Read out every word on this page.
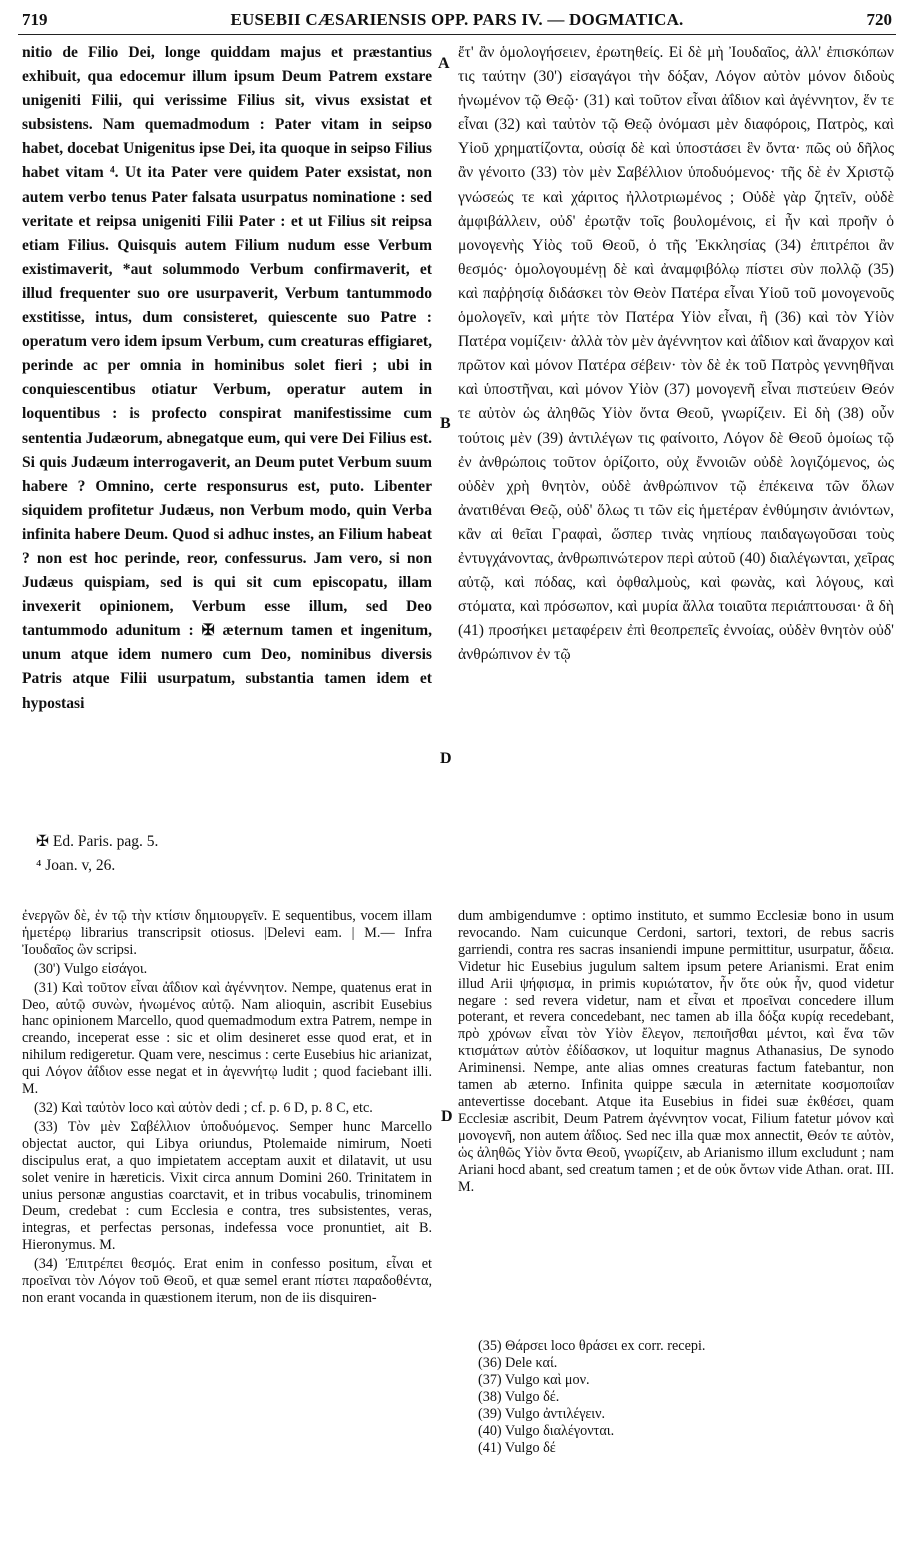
719	EUSEBII CÆSARIENSIS OPP. PARS IV. — DOGMATICA.	720

nitio de Filio Dei, longe quiddam majus et præstantius exhibuit, qua edocemur illum ipsum Deum Patrem exstare unigeniti Filii, qui verissime Filius sit, vivus exsistat et subsistens. Nam quemadmodum : Pater vitam in seipso habet, docebat Unigenitus ipse Dei, ita quoque in seipso Filius habet vitam ⁴. Ut ita Pater vere quidem Pater exsistat, non autem verbo tenus Pater falsata usurpatus nominatione : sed veritate et reipsa unigeniti Filii Pater : et ut Filius sit reipsa etiam Filius. Quisquis autem Filium nudum esse Verbum existimaverit, *aut solummodo Verbum confirmaverit, et illud frequenter suo ore usurpaverit, Verbum tantummodo exstitisse, intus, dum consisteret, quiescente suo Patre : operatum vero idem ipsum Verbum, cum creaturas effigiaret, perinde ac per omnia in hominibus solet fieri ; ubi in conquiescentibus otiatur Verbum, operatur autem in loquentibus : is profecto conspirat manifestissime cum sententia Judæorum, abnegatque eum, qui vere Dei Filius est. Si quis Judæum interrogaverit, an Deum putet Verbum suum habere ? Omnino, certe responsurus est, puto. Libenter siquidem profitetur Judæus, non Verbum modo, quin Verba infinita habere Deum. Quod si adhuc instes, an Filium habeat ? non est hoc perinde, reor, confessurus. Jam vero, si non Judæus quispiam, sed is qui sit cum episcopatu, illam invexerit opinionem, Verbum esse illum, sed Deo tantummodo adunitum : ✠ æternum tamen et ingenitum, unum atque idem numero cum Deo, nominibus diversis Patris atque Filii usurpatum, substantia tamen idem et hypostasi

A
B
D
D

ἔτ' ἂν ὁμολογήσειεν, ἐρωτηθείς. Εἰ δὲ μὴ Ἰουδαῖος, ἀλλ' ἐπισκόπων τις ταύτην (30') εἰσαγάγοι τὴν δόξαν, Λόγον αὐτὸν μόνον διδοὺς ἡνωμένον τῷ Θεῷ· (31) καὶ τοῦτον εἶναι ἀΐδιον καὶ ἀγέννητον, ἕν τε εἶναι (32) καὶ ταὐτὸν τῷ Θεῷ ὀνόμασι μὲν διαφόροις, Πατρὸς, καὶ Υἱοῦ χρηματίζοντα, οὐσίᾳ δὲ καὶ ὑποστάσει ἓν ὄντα· πῶς οὐ δῆλος ἂν γένοιτο (33) τὸν μὲν Σαβέλλιον ὑποδυόμενος· τῆς δὲ ἐν Χριστῷ γνώσεώς τε καὶ χάριτος ἠλλοτριωμένος ; Οὐδὲ γὰρ ζητεῖν, οὐδὲ ἀμφιβάλλειν, οὐδ' ἐρωτᾷν τοῖς βουλομένοις, εἰ ἦν καὶ προῆν ὁ μονογενὴς Υἱὸς τοῦ Θεοῦ, ὁ τῆς Ἐκκλησίας (34) ἐπιτρέποι ἂν θεσμός· ὁμολογουμένῃ δὲ καὶ ἀναμφιβόλῳ πίστει σὺν πολλῷ (35) καὶ παῤῥησίᾳ διδάσκει τὸν Θεὸν Πατέρα εἶναι Υἱοῦ τοῦ μονογενοῦς ὁμολογεῖν, καὶ μήτε τὸν Πατέρα Υἱὸν εἶναι, ἢ (36) καὶ τὸν Υἱὸν Πατέρα νομίζειν· ἀλλὰ τὸν μὲν ἀγέννητον καὶ ἀΐδιον καὶ ἄναρχον καὶ πρῶτον καὶ μόνον Πατέρα σέβειν· τὸν δὲ ἐκ τοῦ Πατρὸς γεννηθῆναι καὶ ὑποστῆναι, καὶ μόνον Υἱὸν (37) μονογενῆ εἶναι πιστεύειν Θεόν τε αὐτὸν ὡς ἀληθῶς Υἱὸν ὄντα Θεοῦ, γνωρίζειν. Εἰ δὴ (38) οὖν τούτοις μὲν (39) ἀντιλέγων τις φαίνοιτο, Λόγον δὲ Θεοῦ ὁμοίως τῷ ἐν ἀνθρώποις τοῦτον ὁρίζοιτο, οὐχ ἔννοιῶν οὐδὲ λογιζόμενος, ὡς οὐδὲν χρὴ θνητὸν, οὐδὲ ἀνθρώπινον τῷ ἐπέκεινα τῶν ὅλων ἀνατιθέναι Θεῷ, οὐδ' ὅλως τι τῶν εἰς ἡμετέραν ἐνθύμησιν ἀνιόντων, κἂν αἱ θεῖαι Γραφαὶ, ὥσπερ τινὰς νηπίους παιδαγωγοῦσαι τοὺς ἐντυγχάνοντας, ἀνθρωπινώτερον περὶ αὐτοῦ (40) διαλέγωνται, χεῖρας αὐτῷ, καὶ πόδας, καὶ ὀφθαλμοὺς, καὶ φωνὰς, καὶ λόγους, καὶ στόματα, καὶ πρόσωπον, καὶ μυρία ἄλλα τοιαῦτα περιάπτουσαι· ἃ δὴ (41) προσήκει μεταφέρειν ἐπὶ θεοπρεπεῖς ἐννοίας, οὐδὲν θνητὸν οὐδ' ἀνθρώπινον ἐν τῷ

✠ Ed. Paris. pag. 5.
⁴ Joan. v, 26.

ἐνεργῶν δὲ, ἐν τῷ τὴν κτίσιν δημιουργεῖν. E sequentibus, vocem illam ἡμετέρῳ librarius transcripsit otiosus. |Delevi eam. | M.— Infra Ἰουδαῖος ὢν scripsi.

(30') Vulgo εἰσάγοι.

(31) Καὶ τοῦτον εἶναι ἀΐδιον καὶ ἀγέννητον. Nempe, quatenus erat in Deo, αὐτῷ συνὼν, ἡνωμένος αὐτῷ. Nam alioquin, ascribit Eusebius hanc opinionem Marcello, quod quemadmodum extra Patrem, nempe in creando, inceperat esse : sic et olim desineret esse quod erat, et in nihilum redigeretur. Quam vere, nescimus : certe Eusebius hic arianizat, qui Λόγον ἀΐδιον esse negat et in ἀγεννήτῳ ludit ; quod faciebant illi. M.

(32) Καὶ ταὐτὸν loco καὶ αὐτὸν dedi ; cf. p. 6 D, p. 8 C, etc.

(33) Τὸν μὲν Σαβέλλιον ὑποδυόμενος. Semper hunc Marcello objectat auctor, qui Libya oriundus, Ptolemaide nimirum, Noeti discipulus erat, a quo impietatem acceptam auxit et dilatavit, ut usu solet venire in hæreticis. Vixit circa annum Domini 260. Trinitatem in unius personæ angustias coarctavit, et in tribus vocabulis, trinominem Deum, credebat : cum Ecclesia e contra, tres subsistentes, veras, integras, et perfectas personas, indefessa voce pronuntiet, ait B. Hieronymus. M.

(34) Ἐπιτρέπει θεσμός. Erat enim in confesso positum, εἶναι et προεῖναι τὸν Λόγον τοῦ Θεοῦ, et quæ semel erant πίστει παραδοθέντα, non erant vocanda in quæstionem iterum, non de iis disquiren-

dum ambigendumve : optimo instituto, et summo Ecclesiæ bono in usum revocando. Nam cuicunque Cerdoni, sartori, textori, de rebus sacris garriendi, contra res sacras insaniendi impune permittitur, usurpatur, ἄδεια. Videtur hic Eusebius jugulum saltem ipsum petere Arianismi. Erat enim illud Arii ψήφισμα, in primis κυριώτατον, ἦν ὅτε οὐκ ἦν, quod videtur negare : sed revera videtur, nam et εἶναι et προεῖναι concedere illum poterant, et revera concedebant, nec tamen ab illa δόξα κυρίᾳ recedebant, πρὸ χρόνων εἶναι τὸν Υἱὸν ἔλεγον, πεποιῆσθαι μέντοι, καὶ ἕνα τῶν κτισμάτων αὐτὸν ἐδίδασκον, ut loquitur magnus Athanasius, De synodo Ariminensi. Nempe, ante alias omnes creaturas factum fatebantur, non tamen ab æterno. Infinita quippe sæcula in æternitate κοσμοποιΐαν antevertisse docebant. Atque ita Eusebius in fidei suæ ἐκθέσει, quam Ecclesiæ ascribit, Deum Patrem ἀγέννητον vocat, Filium fatetur μόνον καὶ μονογενῆ, non autem ἀΐδιος. Sed nec illa quæ mox annectit, Θεόν τε αὐτὸν, ὡς ἀληθῶς Υἱὸν ὄντα Θεοῦ, γνωρίζειν, ab Arianismo illum excludunt ; nam Ariani hocd abant, sed creatum tamen ; et de οὐκ ὄντων vide Athan. orat. III. M.

(35) Θάρσει loco θράσει ex corr. recepi.
(36) Dele καί.
(37) Vulgo καὶ μον.
(38) Vulgo δέ.
(39) Vulgo ἀντιλέγειν.
(40) Vulgo διαλέγονται.
(41) Vulgo δέ
